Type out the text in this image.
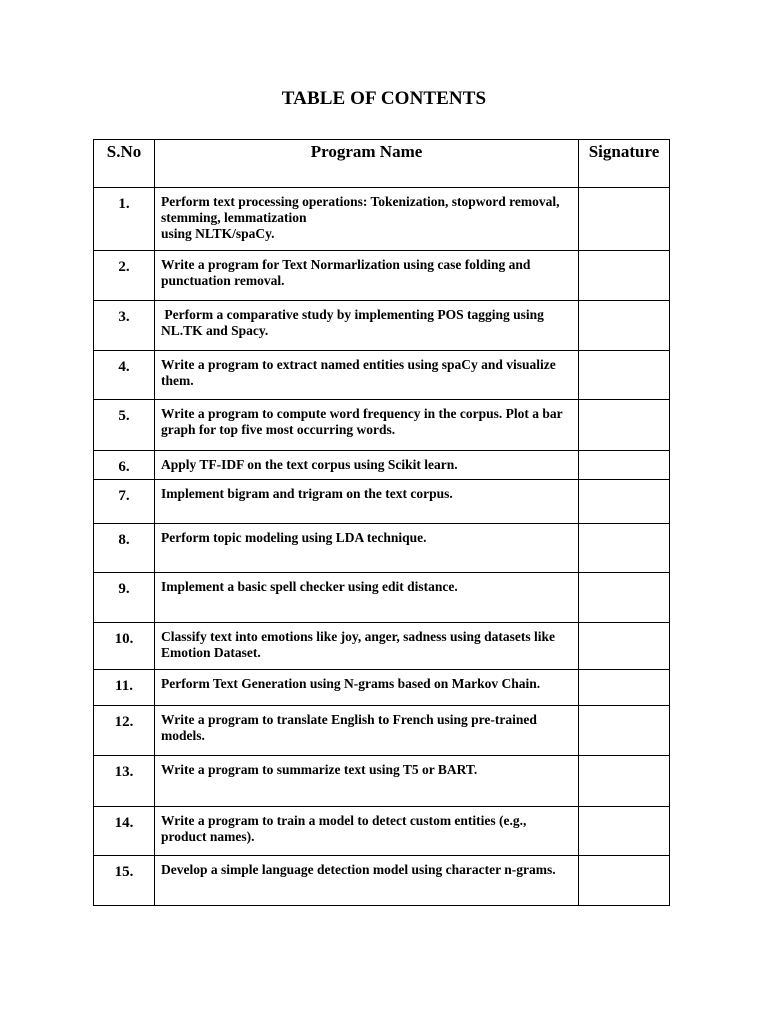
TABLE OF CONTENTS
S.No	Program Name	Signature
1.	Perform text processing operations: Tokenization, stopword removal, stemming, lemmatization
using NLTK/spaCy.	
2.	Write a program for Text Normarlization using case folding and punctuation removal.	
3.	Perform a comparative study by implementing POS tagging using NL.TK and Spacy.	
4.	Write a program to extract named entities using spaCy and visualize them.	
5.	Write a program to compute word frequency in the corpus. Plot a bar graph for top five most occurring words.	
6.	Apply TF-IDF on the text corpus using Scikit learn.	
7.	Implement bigram and trigram on the text corpus.	
8.	Perform topic modeling using LDA technique.	
9.	Implement a basic spell checker using edit distance.	
10.	Classify text into emotions like joy, anger, sadness using datasets like Emotion Dataset.	
11.	Perform Text Generation using N-grams based on Markov Chain.	
12.	Write a program to translate English to French using pre-trained models.	
13.	Write a program to summarize text using T5 or BART.	
14.	Write a program to train a model to detect custom entities (e.g., product names).	
15.	Develop a simple language detection model using character n-grams.	
